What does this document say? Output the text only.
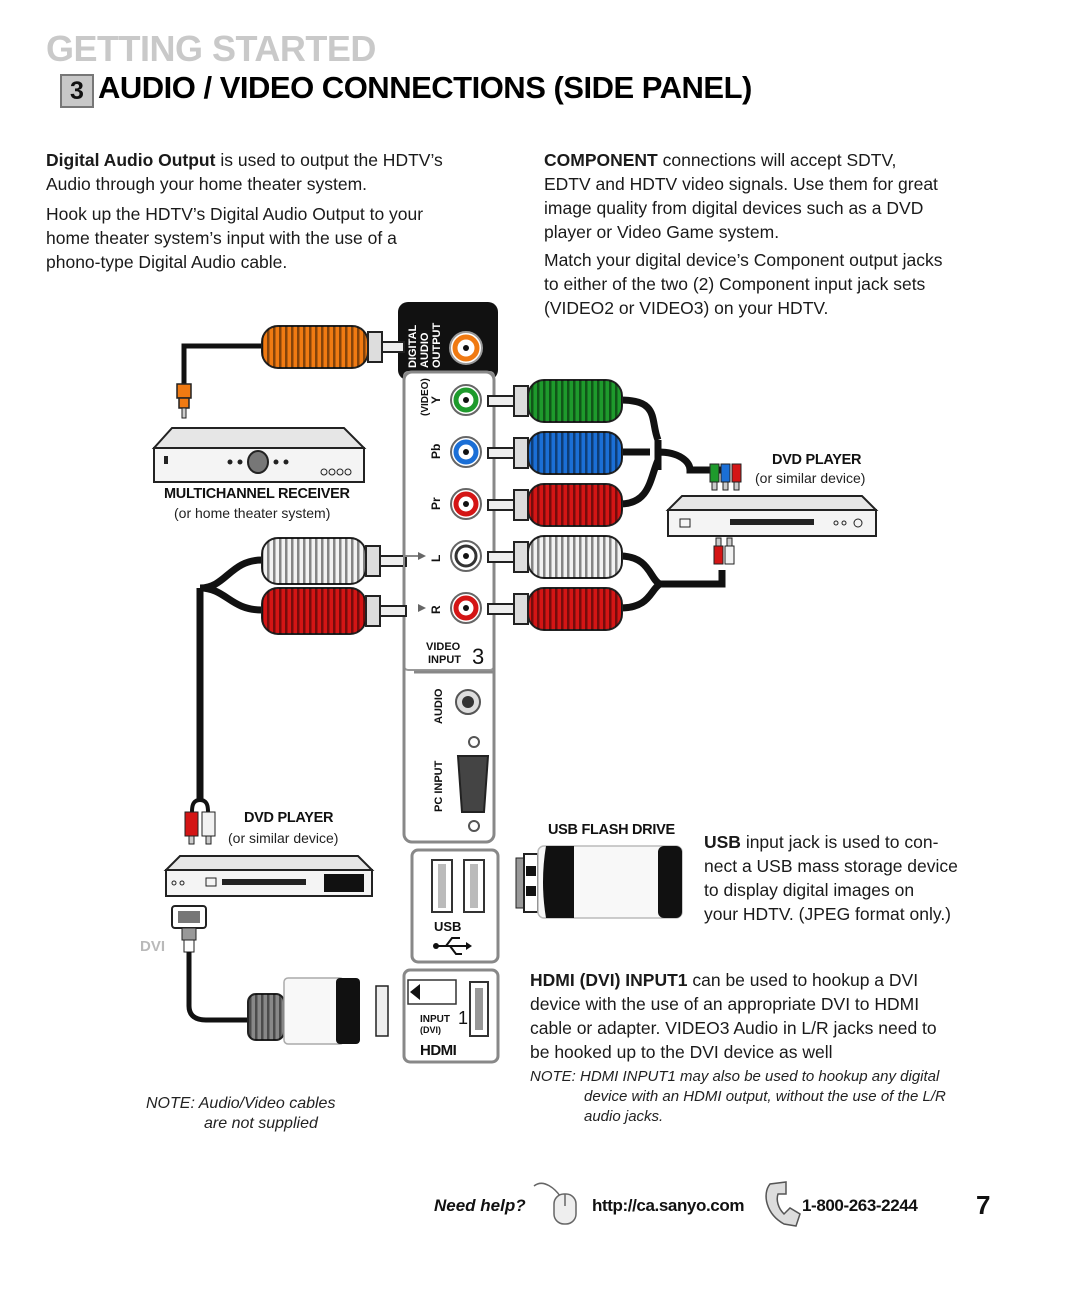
GETTING STARTED
3 AUDIO / VIDEO CONNECTIONS (SIDE PANEL)
Digital Audio Output is used to output the HDTV’s
Audio through your home theater system.
Hook up the HDTV’s Digital Audio Output to your
home theater system’s input with the use of a
phono-type Digital Audio cable.
COMPONENT connections will accept SDTV,
EDTV and HDTV video signals. Use them for great
image quality from digital devices such as a DVD
player or Video Game system.
Match your digital device’s Component output jacks
to either of the two (2) Component input jack sets
(VIDEO2 or VIDEO3) on your HDTV.
DIGITAL AUDIO OUTPUT
(VIDEO)
Y
Pb
Pr
L
R
VIDEO
INPUT 3
AUDIO
PC INPUT
USB
INPUT 1
(DVI)
HDMI
MULTICHANNEL RECEIVER
(or home theater system)
DVD PLAYER
(or similar device)
DVD PLAYER
(or similar device)	USB FLASH DRIVE
DVI
USB input jack is used to con-
nect a USB mass storage device
to display digital images on
your HDTV. (JPEG format only.)
HDMI (DVI) INPUT1 can be used to hookup a DVI
device with the use of an appropriate DVI to HDMI
cable or adapter. VIDEO3 Audio in L/R jacks need to
be hooked up to the DVI device as well
NOTE: HDMI INPUT1 may also be used to hookup any digital
device with an HDMI output, without the use of the L/R
audio jacks.
NOTE: Audio/Video cables
are not supplied
Need help?	http://ca.sanyo.com	1-800-263-2244 7
